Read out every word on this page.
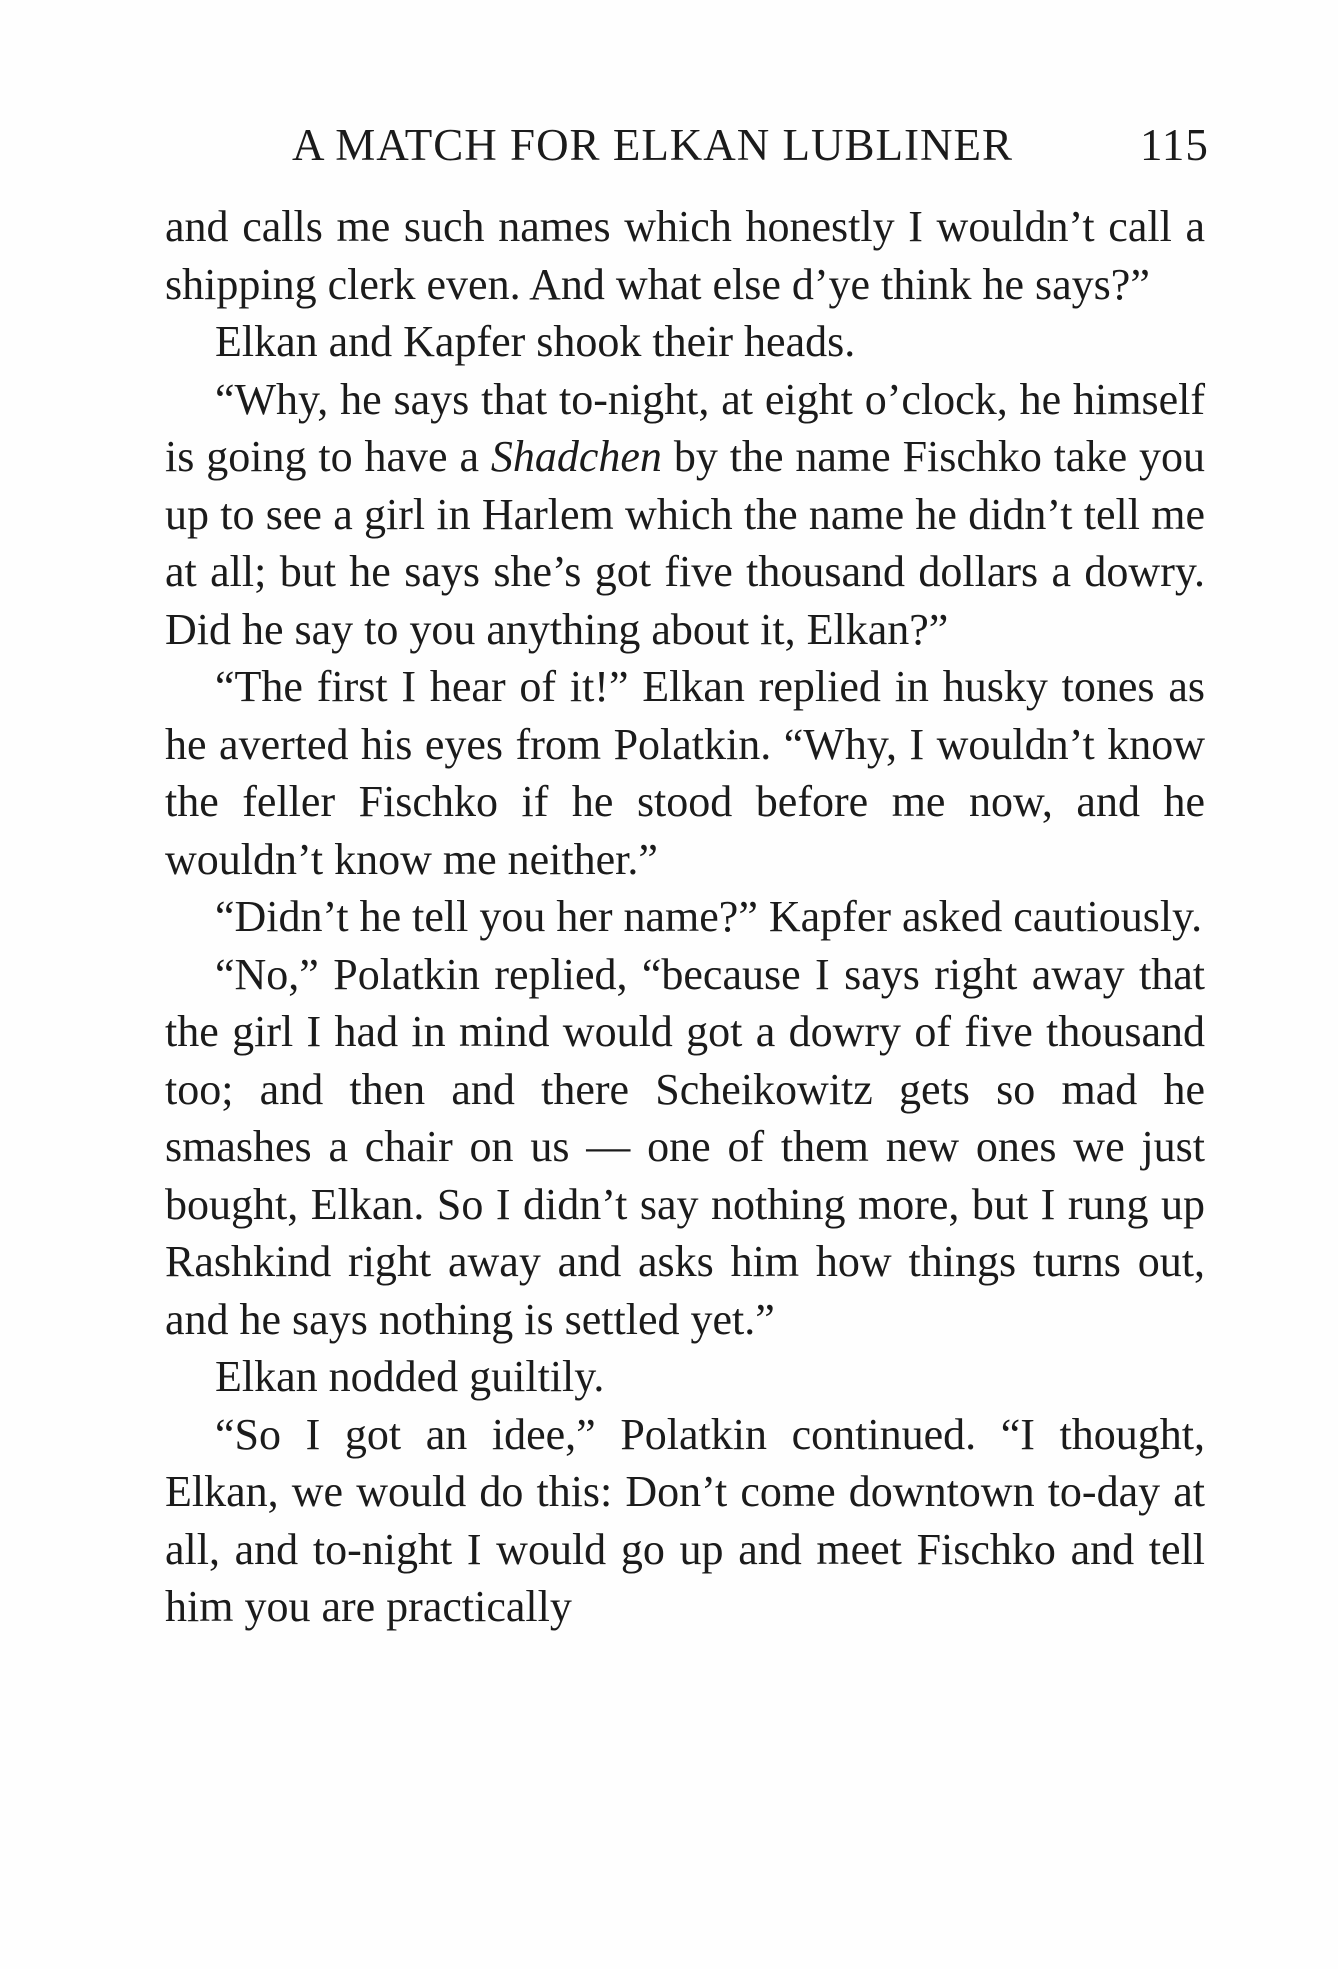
A MATCH FOR ELKAN LUBLINER	115

and calls me such names which honestly I wouldn’t call a shipping clerk even. And what else d’ye think he says?”

Elkan and Kapfer shook their heads.

“Why, he says that to-night, at eight o’clock, he himself is going to have a Shadchen by the name Fischko take you up to see a girl in Harlem which the name he didn’t tell me at all; but he says she’s got five thousand dollars a dowry. Did he say to you anything about it, Elkan?”

“The first I hear of it!” Elkan replied in husky tones as he averted his eyes from Polatkin. “Why, I wouldn’t know the feller Fischko if he stood before me now, and he wouldn’t know me neither.”

“Didn’t he tell you her name?” Kapfer asked cautiously.

“No,” Polatkin replied, “because I says right away that the girl I had in mind would got a dowry of five thousand too; and then and there Scheikowitz gets so mad he smashes a chair on us — one of them new ones we just bought, Elkan. So I didn’t say nothing more, but I rung up Rashkind right away and asks him how things turns out, and he says nothing is settled yet.”

Elkan nodded guiltily.

“So I got an idee,” Polatkin continued. “I thought, Elkan, we would do this: Don’t come downtown to-day at all, and to-night I would go up and meet Fischko and tell him you are practically
